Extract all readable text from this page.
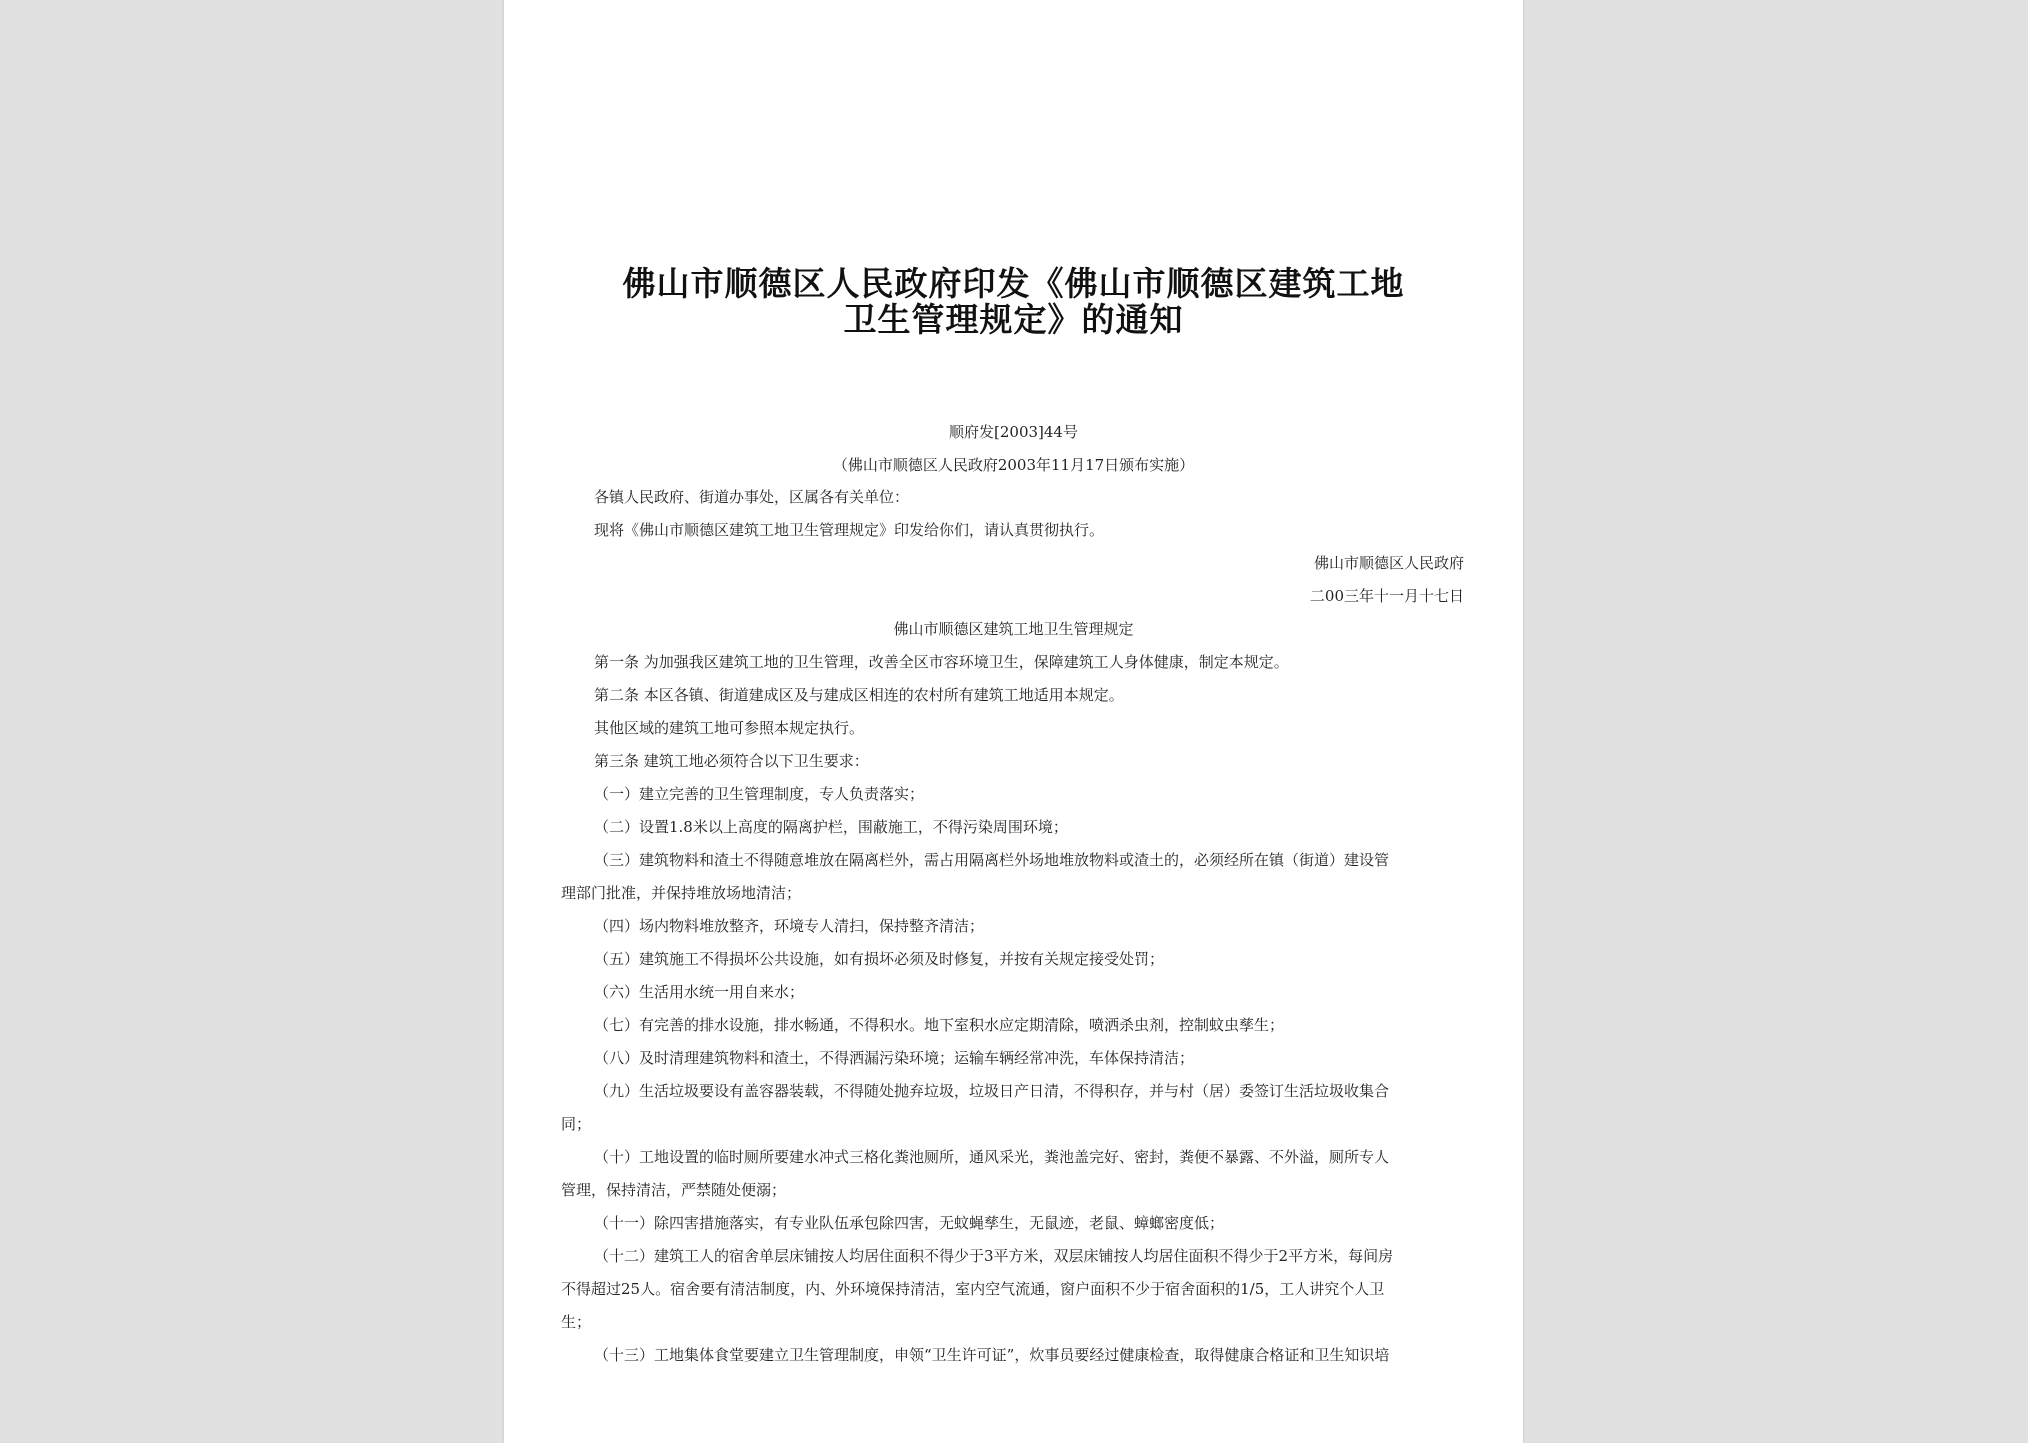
佛山市顺德区人民政府印发《佛山市顺德区建筑工地
卫生管理规定》的通知
顺府发[2003]44号
（佛山市顺德区人民政府2003年11月17日颁布实施）
各镇人民政府、街道办事处，区属各有关单位：
现将《佛山市顺德区建筑工地卫生管理规定》印发给你们，请认真贯彻执行。
佛山市顺德区人民政府
二00三年十一月十七日
佛山市顺德区建筑工地卫生管理规定
第一条 为加强我区建筑工地的卫生管理，改善全区市容环境卫生，保障建筑工人身体健康，制定本规定。
第二条 本区各镇、街道建成区及与建成区相连的农村所有建筑工地适用本规定。
其他区域的建筑工地可参照本规定执行。
第三条 建筑工地必须符合以下卫生要求：
（一）建立完善的卫生管理制度，专人负责落实；
（二）设置1.8米以上高度的隔离护栏，围蔽施工，不得污染周围环境；
（三）建筑物料和渣土不得随意堆放在隔离栏外，需占用隔离栏外场地堆放物料或渣土的，必须经所在镇（街道）建设管
理部门批准，并保持堆放场地清洁；
（四）场内物料堆放整齐，环境专人清扫，保持整齐清洁；
（五）建筑施工不得损坏公共设施，如有损坏必须及时修复，并按有关规定接受处罚；
（六）生活用水统一用自来水；
（七）有完善的排水设施，排水畅通，不得积水。地下室积水应定期清除，喷洒杀虫剂，控制蚊虫孳生；
（八）及时清理建筑物料和渣土，不得洒漏污染环境；运输车辆经常冲洗，车体保持清洁；
（九）生活垃圾要设有盖容器装载，不得随处抛弃垃圾，垃圾日产日清，不得积存，并与村（居）委签订生活垃圾收集合
同；
（十）工地设置的临时厕所要建水冲式三格化粪池厕所，通风采光，粪池盖完好、密封，粪便不暴露、不外溢，厕所专人
管理，保持清洁，严禁随处便溺；
（十一）除四害措施落实，有专业队伍承包除四害，无蚊蝇孳生，无鼠迹，老鼠、蟑螂密度低；
（十二）建筑工人的宿舍单层床铺按人均居住面积不得少于3平方米，双层床铺按人均居住面积不得少于2平方米，每间房
不得超过25人。宿舍要有清洁制度，内、外环境保持清洁，室内空气流通，窗户面积不少于宿舍面积的1/5，工人讲究个人卫
生；
（十三）工地集体食堂要建立卫生管理制度，申领“卫生许可证”，炊事员要经过健康检查，取得健康合格证和卫生知识培
